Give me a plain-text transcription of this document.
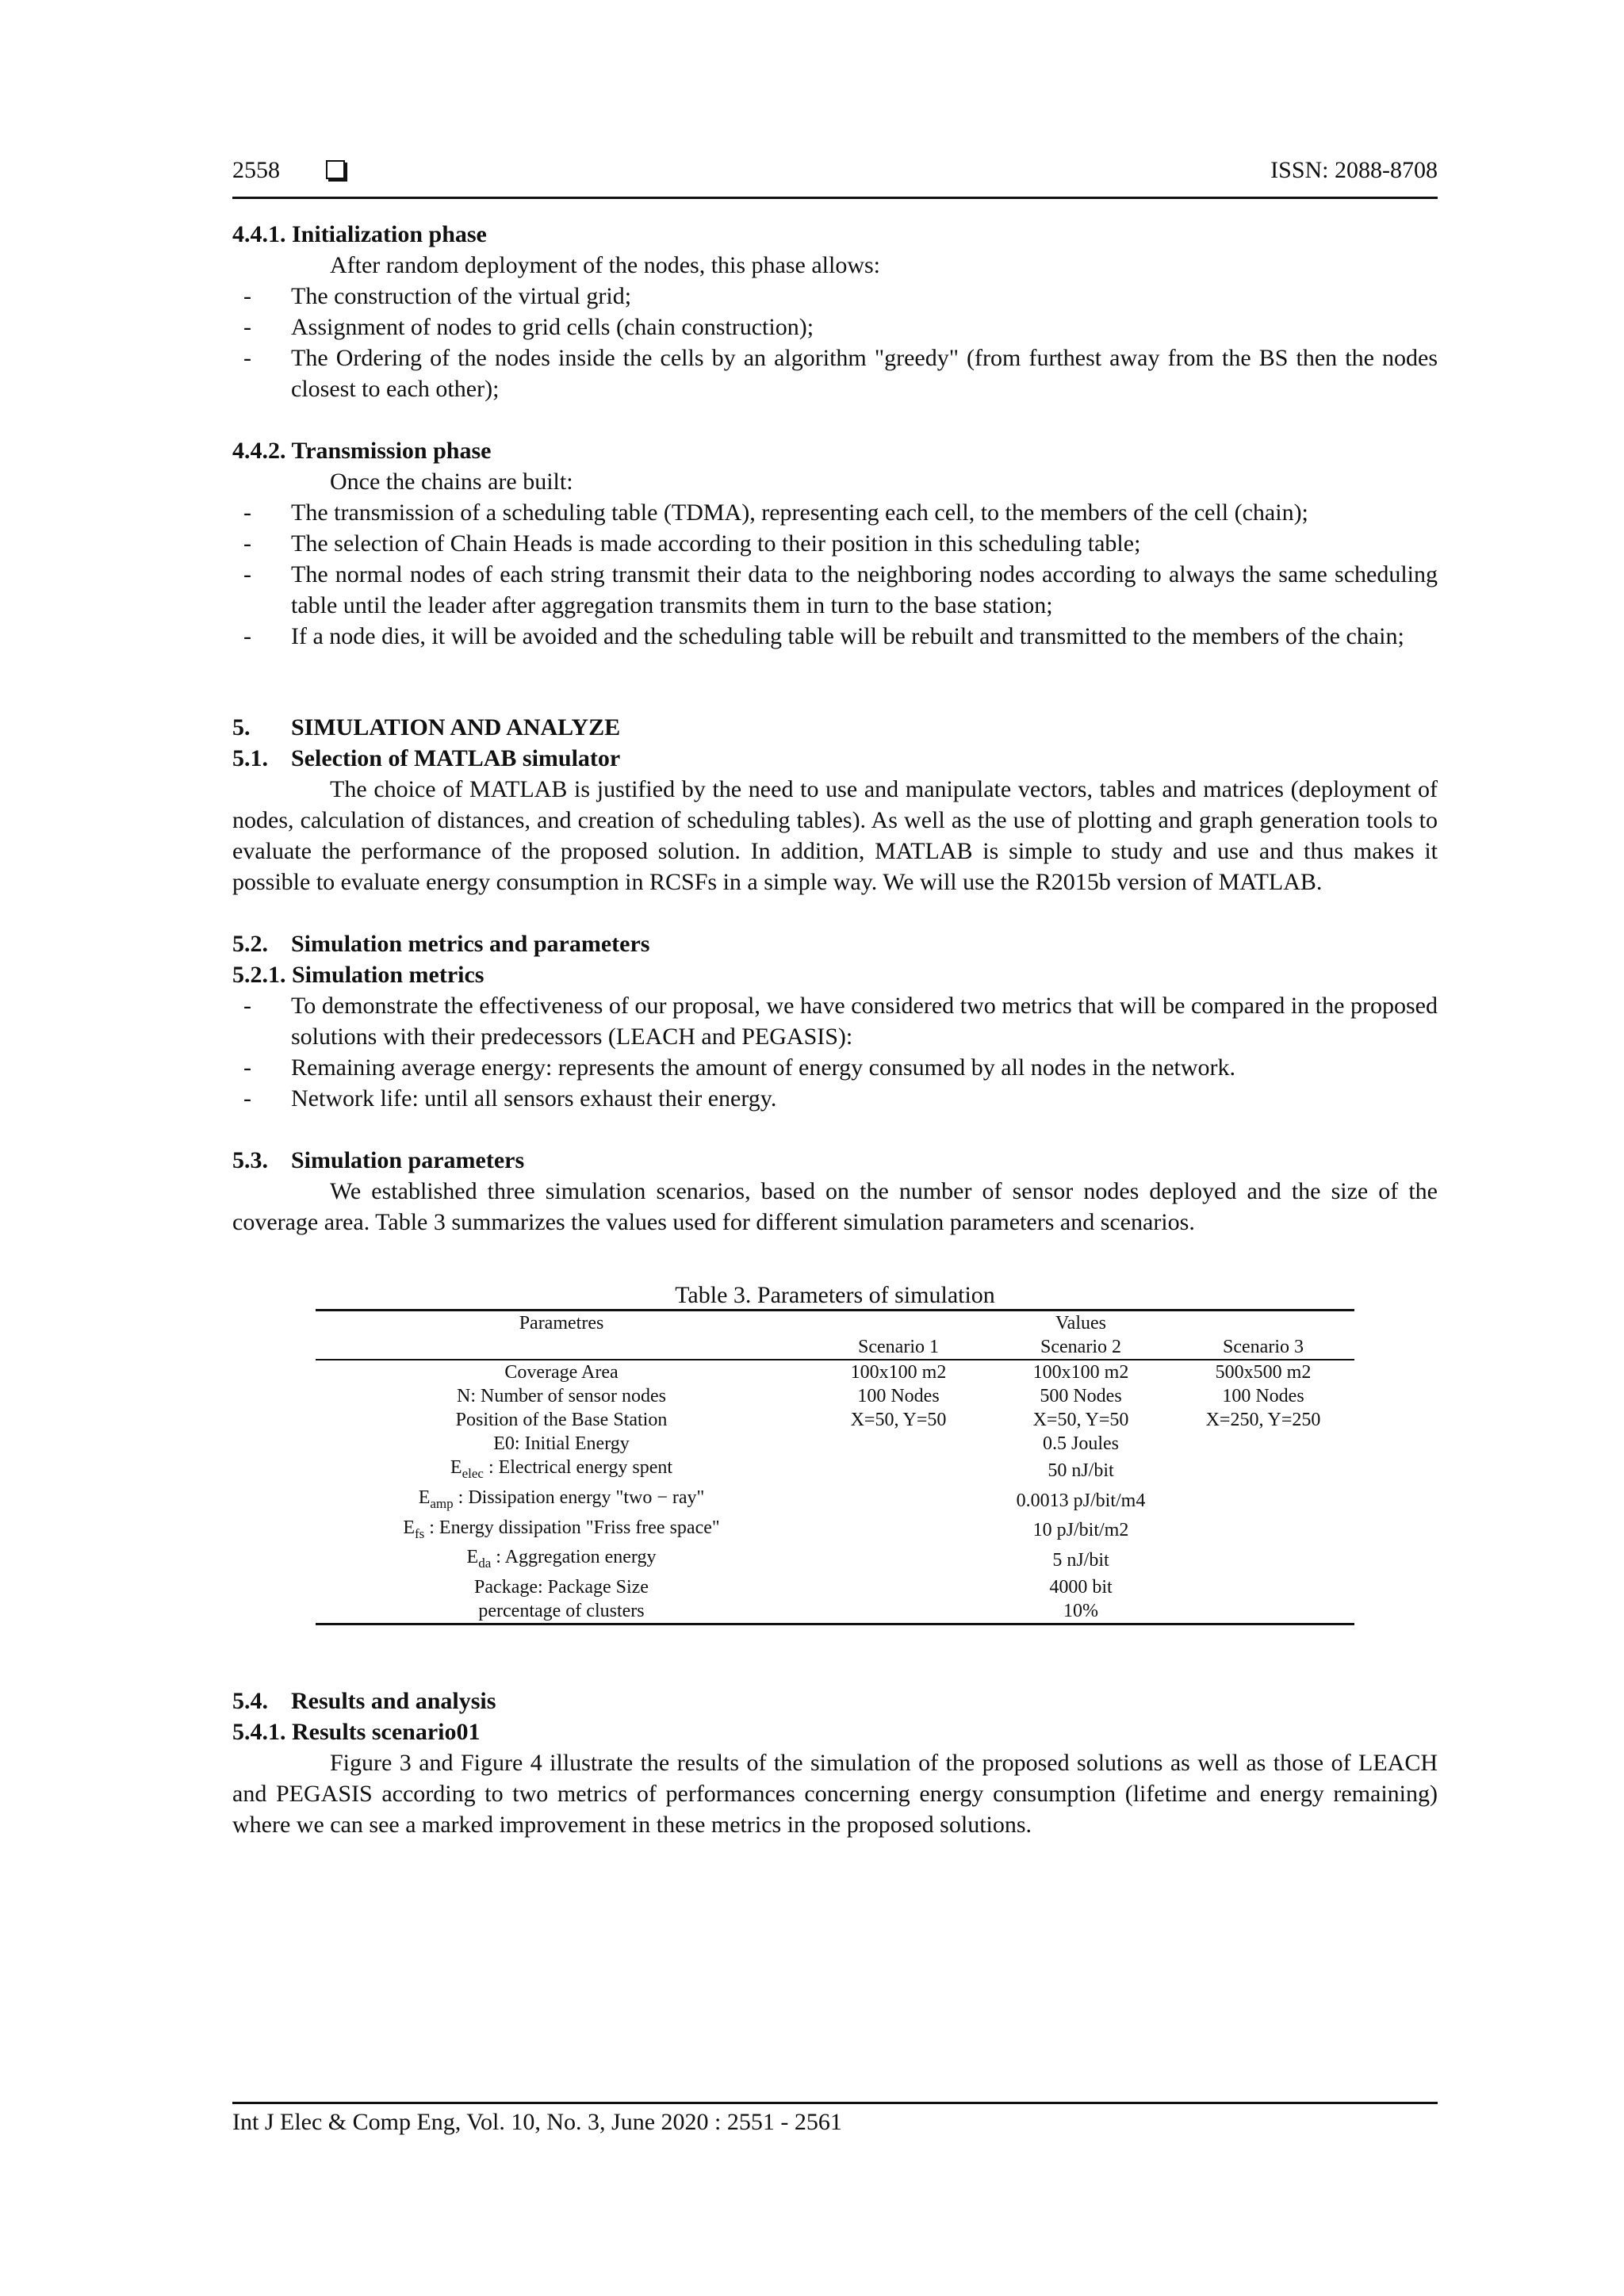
2558	ISSN: 2088-8708
4.4.1. Initialization phase

After random deployment of the nodes, this phase allows:

- The construction of the virtual grid;
- Assignment of nodes to grid cells (chain construction);
- The Ordering of the nodes inside the cells by an algorithm "greedy" (from furthest away from the BS then the nodes closest to each other);
4.4.2. Transmission phase

Once the chains are built:

- The transmission of a scheduling table (TDMA), representing each cell, to the members of the cell (chain);
- The selection of Chain Heads is made according to their position in this scheduling table;
- The normal nodes of each string transmit their data to the neighboring nodes according to always the same scheduling table until the leader after aggregation transmits them in turn to the base station;
- If a node dies, it will be avoided and the scheduling table will be rebuilt and transmitted to the members of the chain;
5. SIMULATION AND ANALYZE
5.1. Selection of MATLAB simulator

The choice of MATLAB is justified by the need to use and manipulate vectors, tables and matrices (deployment of nodes, calculation of distances, and creation of scheduling tables). As well as the use of plotting and graph generation tools to evaluate the performance of the proposed solution. In addition, MATLAB is simple to study and use and thus makes it possible to evaluate energy consumption in RCSFs in a simple way. We will use the R2015b version of MATLAB.

5.2. Simulation metrics and parameters
5.2.1. Simulation metrics
- To demonstrate the effectiveness of our proposal, we have considered two metrics that will be compared in the proposed solutions with their predecessors (LEACH and PEGASIS):
- Remaining average energy: represents the amount of energy consumed by all nodes in the network.
- Network life: until all sensors exhaust their energy.
5.3. Simulation parameters

We established three simulation scenarios, based on the number of sensor nodes deployed and the size of the coverage area. Table 3 summarizes the values used for different simulation parameters and scenarios.

Table 3. Parameters of simulation
Parametres	Values		
	Scenario 1	Scenario 2	Scenario 3
Coverage Area	100x100 m2	100x100 m2	500x500 m2
N: Number of sensor nodes	100 Nodes	500 Nodes	100 Nodes
Position of the Base Station	X=50, Y=50	X=50, Y=50	X=250, Y=250
E0: Initial Energy		0.5 Joules	
$E_{elec}$ : Electrical energy spent		50 nJ/bit	
$E_{amp}$ : Dissipation energy "two − ray"		0.0013 pJ/bit/m4	
$E_{fs}$ : Energy dissipation "Friss free space"		10 pJ/bit/m2	
$E_{da}$ : Aggregation energy		5 nJ/bit	
Package: Package Size		4000 bit	
percentage of clusters		10%	
5.4. Results and analysis
5.4.1. Results scenario01

Figure 3 and Figure 4 illustrate the results of the simulation of the proposed solutions as well as those of LEACH and PEGASIS according to two metrics of performances concerning energy consumption (lifetime and energy remaining) where we can see a marked improvement in these metrics in the proposed solutions.

Int J Elec & Comp Eng, Vol. 10, No. 3, June 2020 : 2551 - 2561
